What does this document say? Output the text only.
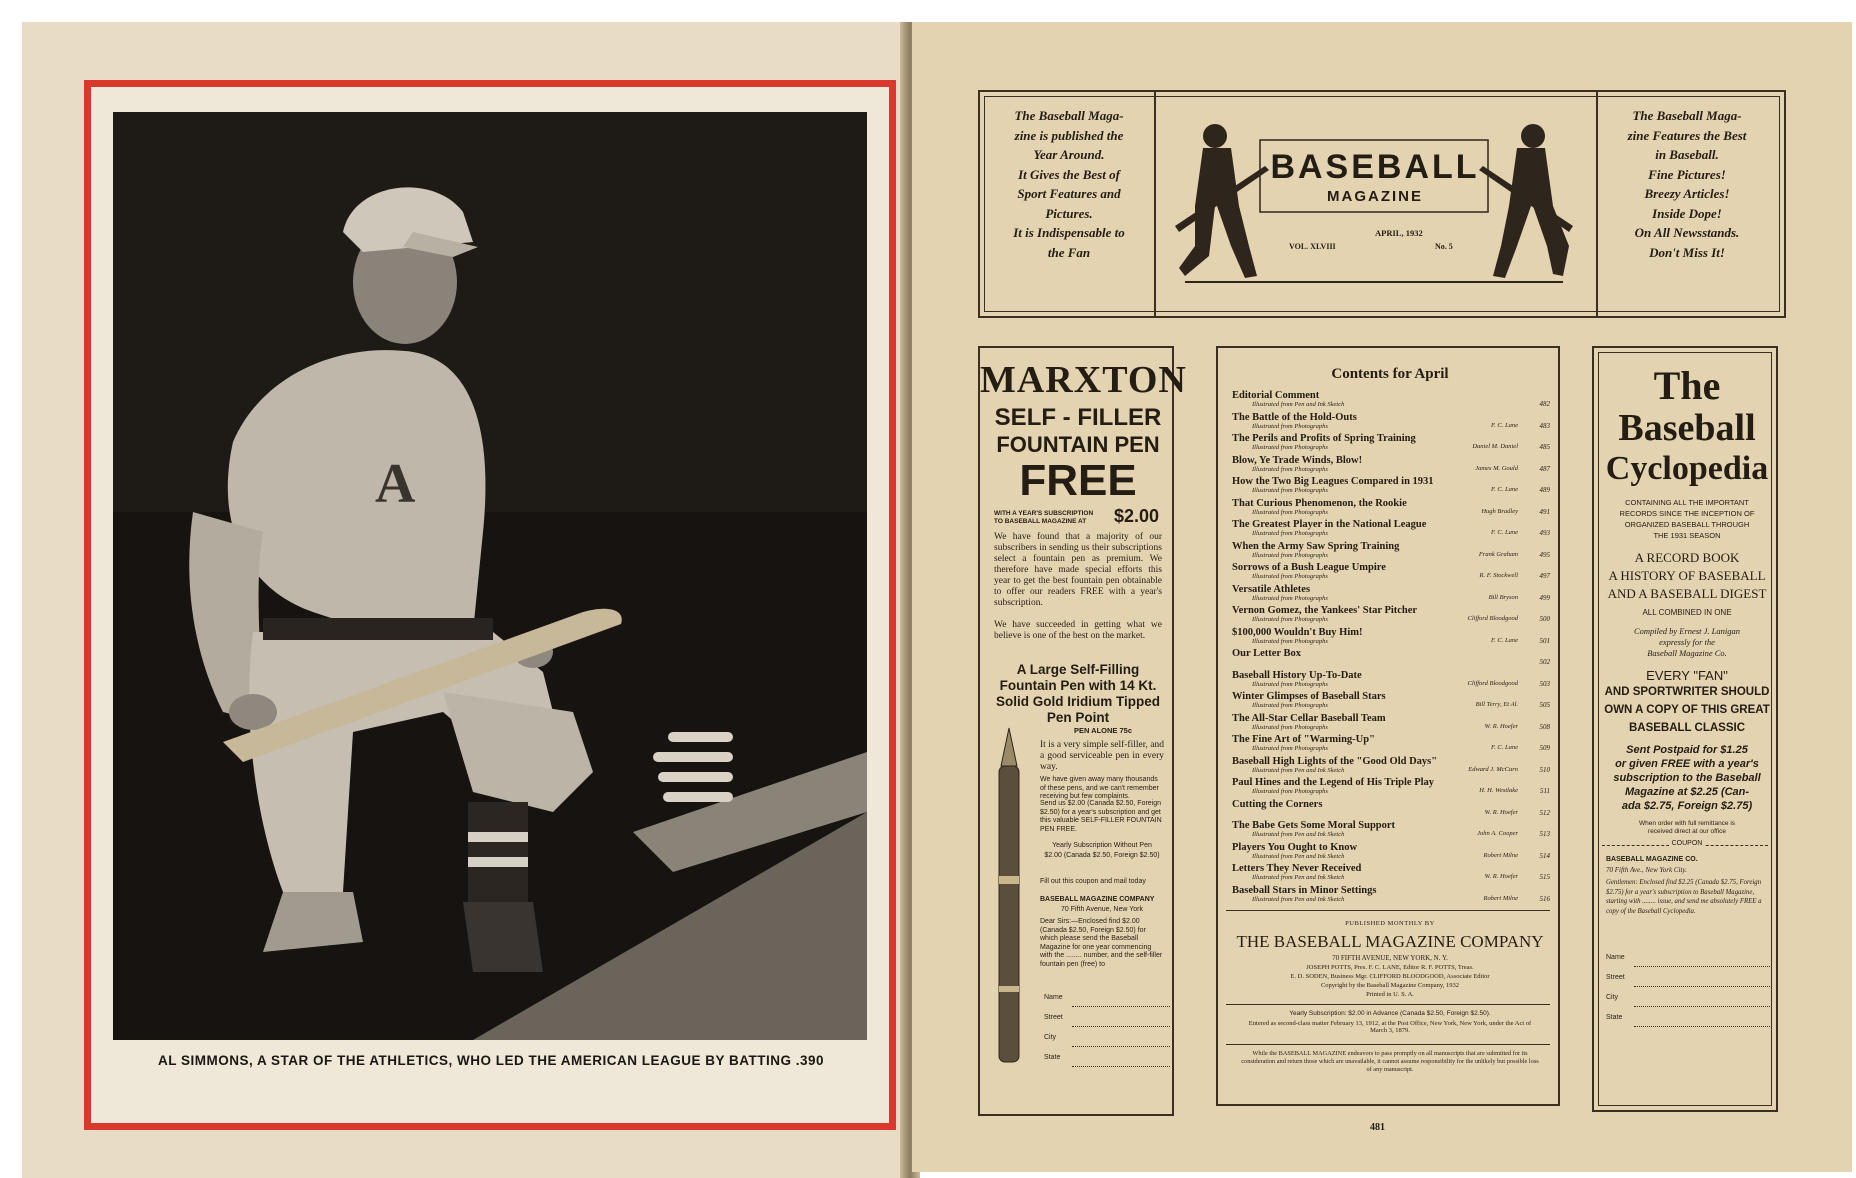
A
AL SIMMONS, A STAR OF THE ATHLETICS, WHO LED THE AMERICAN LEAGUE BY BATTING .390
The Baseball Maga-
zine is published the
Year Around.
It Gives the Best of
Sport Features and
Pictures.
It is Indispensable to
the Fan
BASEBALL
MAGAZINE
APRIL, 1932
VOL. XLVIII	No. 5
The Baseball Maga-
zine Features the Best
in Baseball.
Fine Pictures!
Breezy Articles!
Inside Dope!
On All Newsstands.
Don't Miss It!
MARXTON
SELF - FILLER
FOUNTAIN PEN
FREE
WITH A YEAR'S SUBSCRIPTION
TO BASEBALL MAGAZINE AT	$2.00
We have found that a majority of our subscribers in sending us their subscriptions select a fountain pen as premium. We therefore have made special efforts this year to get the best fountain pen obtainable to offer our readers FREE with a year's subscription.
We have succeeded in getting what we believe is one of the best on the market.
A Large Self-Filling Fountain Pen with 14 Kt. Solid Gold Iridium Tipped Pen Point
PEN ALONE 75c
It is a very simple self-filler, and a good serviceable pen in every way.
We have given away many thousands of these pens, and we can't remember receiving but few complaints.
Send us $2.00 (Canada $2.50, Foreign $2.50) for a year's subscription and get this valuable SELF-FILLER FOUNTAIN PEN FREE.
Yearly Subscription Without Pen
$2.00 (Canada $2.50, Foreign $2.50)
Fill out this coupon and mail today
BASEBALL MAGAZINE COMPANY
70 Fifth Avenue, New York
Dear Sirs:—Enclosed find $2.00 (Canada $2.50, Foreign $2.50) for which please send the Baseball Magazine for one year commencing with the ........ number, and the self-filler fountain pen (free) to
Name
Street
City
State
Contents for April
Editorial Comment
Illustrated from Pen and Ink Sketch	482
The Battle of the Hold-Outs
Illustrated from Photographs	F. C. Lane	483
The Perils and Profits of Spring Training
Illustrated from Photographs	Daniel M. Daniel	485
Blow, Ye Trade Winds, Blow!
Illustrated from Photographs	James M. Gould	487
How the Two Big Leagues Compared in 1931
Illustrated from Photographs	F. C. Lane	489
That Curious Phenomenon, the Rookie
Illustrated from Photographs	Hugh Bradley	491
The Greatest Player in the National League
Illustrated from Photographs	F. C. Lane	493
When the Army Saw Spring Training
Illustrated from Photographs	Frank Graham	495
Sorrows of a Bush League Umpire
Illustrated from Photographs	R. F. Stockwell	497
Versatile Athletes
Illustrated from Photographs	Bill Bryson	499
Vernon Gomez, the Yankees' Star Pitcher
Illustrated from Photographs	Clifford Bloodgood	500
$100,000 Wouldn't Buy Him!
Illustrated from Photographs	F. C. Lane	501
Our Letter Box
502
Baseball History Up-To-Date
Illustrated from Photographs	Clifford Bloodgood	503
Winter Glimpses of Baseball Stars
Illustrated from Photographs	Bill Terry, Et Al.	505
The All-Star Cellar Baseball Team
Illustrated from Photographs	W. R. Hoefer	508
The Fine Art of "Warming-Up"
Illustrated from Photographs	F. C. Lane	509
Baseball High Lights of the "Good Old Days"
Illustrated from Pen and Ink Sketch	Edward J. McCurn	510
Paul Hines and the Legend of His Triple Play
Illustrated from Photographs	H. H. Westlake	511
Cutting the Corners
W. R. Hoefer	512
The Babe Gets Some Moral Support
Illustrated from Pen and Ink Sketch	John A. Cooper	513
Players You Ought to Know
Illustrated from Pen and Ink Sketch	Robert Milne	514
Letters They Never Received
Illustrated from Pen and Ink Sketch	W. R. Hoefer	515
Baseball Stars in Minor Settings
Illustrated from Pen and Ink Sketch	Robert Milne	516
PUBLISHED MONTHLY BY
THE BASEBALL MAGAZINE COMPANY
70 FIFTH AVENUE, NEW YORK, N. Y.
JOSEPH POTTS, Pres. F. C. LANE, Editor R. F. POTTS, Treas.
E. D. SODEN, Business Mgr. CLIFFORD BLOODGOOD, Associate Editor
Copyright by the Baseball Magazine Company, 1932
Printed in U. S. A.
Yearly Subscription: $2.00 in Advance (Canada $2.50, Foreign $2.50).
Entered as second-class matter February 13, 1912, at the Post Office, New York, New York, under the Act of March 3, 1879.
While the BASEBALL MAGAZINE endeavors to pass promptly on all manuscripts that are submitted for its consideration and return those which are unavailable, it cannot assume responsibility for the unlikely but possible loss of any manuscript.
The
Baseball
Cyclopedia
CONTAINING ALL THE IMPORTANT
RECORDS SINCE THE INCEPTION OF
ORGANIZED BASEBALL THROUGH
THE 1931 SEASON
A RECORD BOOK
A HISTORY OF BASEBALL
AND A BASEBALL DIGEST
ALL COMBINED IN ONE
Compiled by Ernest J. Lanigan
expressly for the
Baseball Magazine Co.
EVERY "FAN"
AND SPORTWRITER SHOULD
OWN A COPY OF THIS GREAT
BASEBALL CLASSIC
Sent Postpaid for $1.25
or given FREE with a year's
subscription to the Baseball
Magazine at $2.25 (Can-
ada $2.75, Foreign $2.75)
When order with full remittance is
received direct at our office
COUPON
BASEBALL MAGAZINE CO.
70 Fifth Ave., New York City.
Gentlemen: Enclosed find $2.25 (Canada $2.75, Foreign $2.75) for a year's subscription to Baseball Magazine, starting with ........ issue, and send me absolutely FREE a copy of the Baseball Cyclopedia.
Name
Street
City
State
481
